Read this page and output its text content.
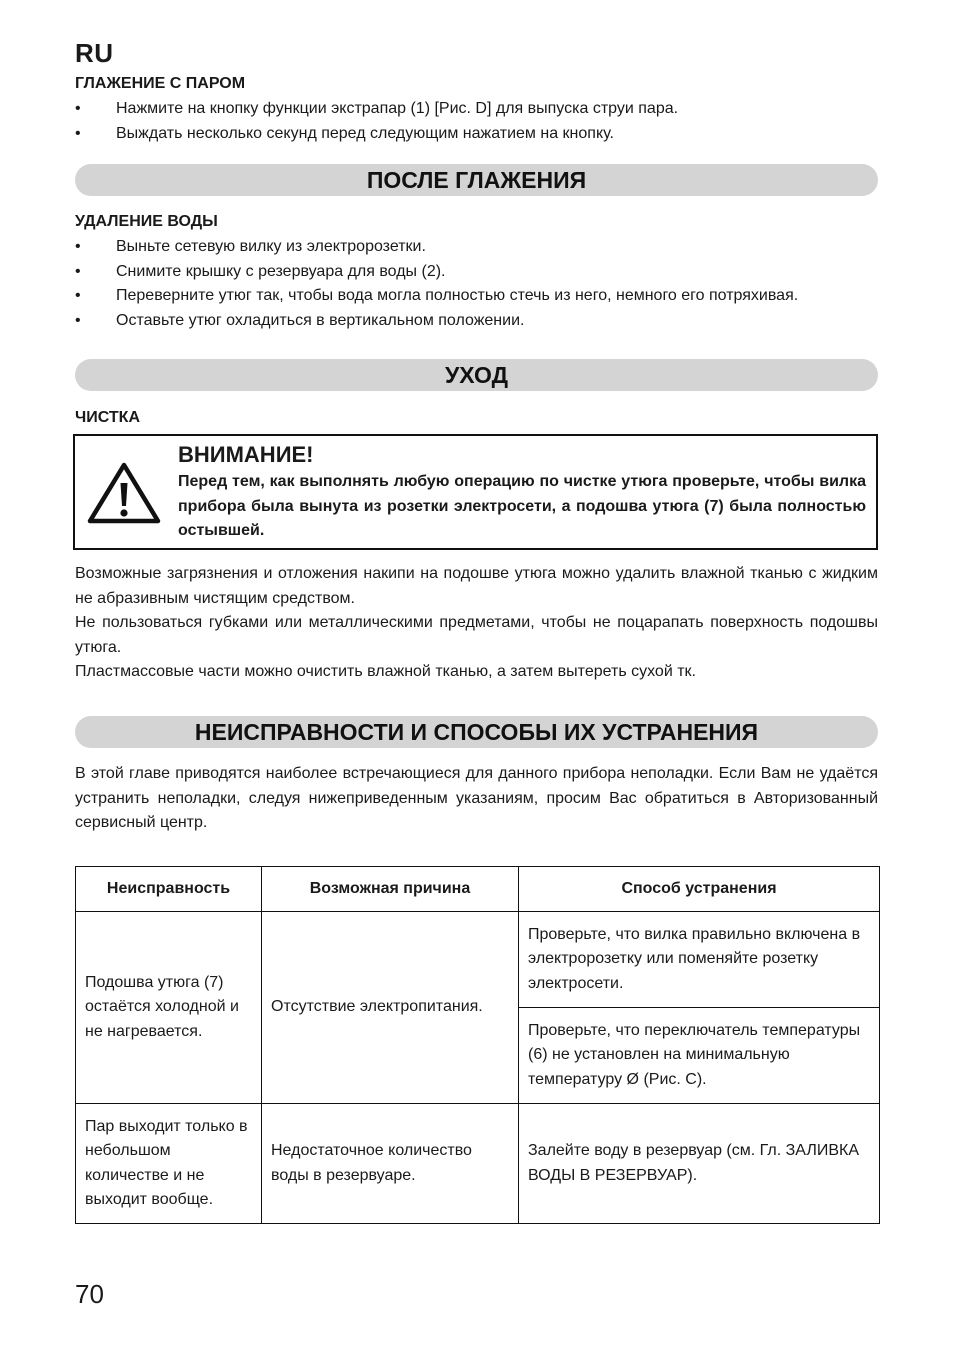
RU
ГЛАЖЕНИЕ С ПАРОМ
• Нажмите на кнопку функции экстрапар (1) [Рис. D] для выпуска струи пара.
• Выждать несколько секунд перед следующим нажатием на кнопку.
ПОСЛЕ ГЛАЖЕНИЯ
УДАЛЕНИЕ ВОДЫ
• Выньте сетевую вилку из электророзетки.
• Снимите крышку с резервуара для воды (2).
• Переверните утюг так, чтобы вода могла полностью стечь из него, немного его потряхивая.
• Оставьте утюг охладиться в вертикальном положении.
УХОД
ЧИСТКА
ВНИМАНИЕ!
Перед тем, как выполнять любую операцию по чистке утюга проверьте, чтобы вилка прибора была вынута из розетки электросети, а подошва утюга (7) была полностью остывшей.
Возможные загрязнения и отложения накипи на подошве утюга можно удалить влажной тканью с жидким не абразивным чистящим средством.
Не пользоваться губками или металлическими предметами, чтобы не поцарапать поверхность подошвы утюга.
Пластмассовые части можно очистить влажной тканью, а затем вытереть сухой тк.
НЕИСПРАВНОСТИ И СПОСОБЫ ИХ УСТРАНЕНИЯ
В этой главе приводятся наиболее встречающиеся для данного прибора неполадки. Если Вам не удаётся устранить неполадки, следуя нижеприведенным указаниям, просим Вас обратиться в Авторизованный сервисный центр.
Неисправность	Возможная причина	Способ устранения
Подошва утюга (7) остаётся холодной и не нагревается.	Отсутствие электропитания.	Проверьте, что вилка правильно включена в электророзетку или поменяйте розетку электросети.
		Проверьте, что переключатель температуры (6) не установлен на минимальную температуру Ø (Рис. C).
Пар выходит только в небольшом количестве и не выходит вообще.	Недостаточное количество воды в резервуаре.	Залейте воду в резервуар (см. Гл. ЗАЛИВКА ВОДЫ В РЕЗЕРВУАР).
70
